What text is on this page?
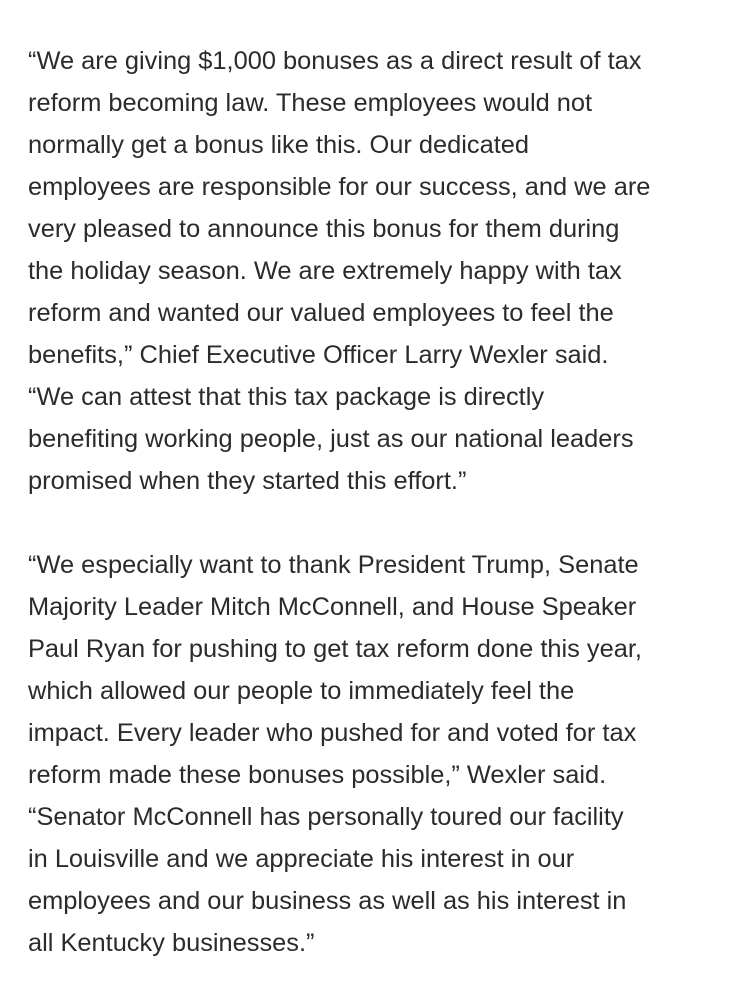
“We are giving $1,000 bonuses as a direct result of tax
reform becoming law. These employees would not
normally get a bonus like this. Our dedicated
employees are responsible for our success, and we are
very pleased to announce this bonus for them during
the holiday season. We are extremely happy with tax
reform and wanted our valued employees to feel the
benefits,” Chief Executive Officer Larry Wexler said.
“We can attest that this tax package is directly
benefiting working people, just as our national leaders
promised when they started this effort.”

“We especially want to thank President Trump, Senate
Majority Leader Mitch McConnell, and House Speaker
Paul Ryan for pushing to get tax reform done this year,
which allowed our people to immediately feel the
impact. Every leader who pushed for and voted for tax
reform made these bonuses possible,” Wexler said.
“Senator McConnell has personally toured our facility
in Louisville and we appreciate his interest in our
employees and our business as well as his interest in
all Kentucky businesses.”
